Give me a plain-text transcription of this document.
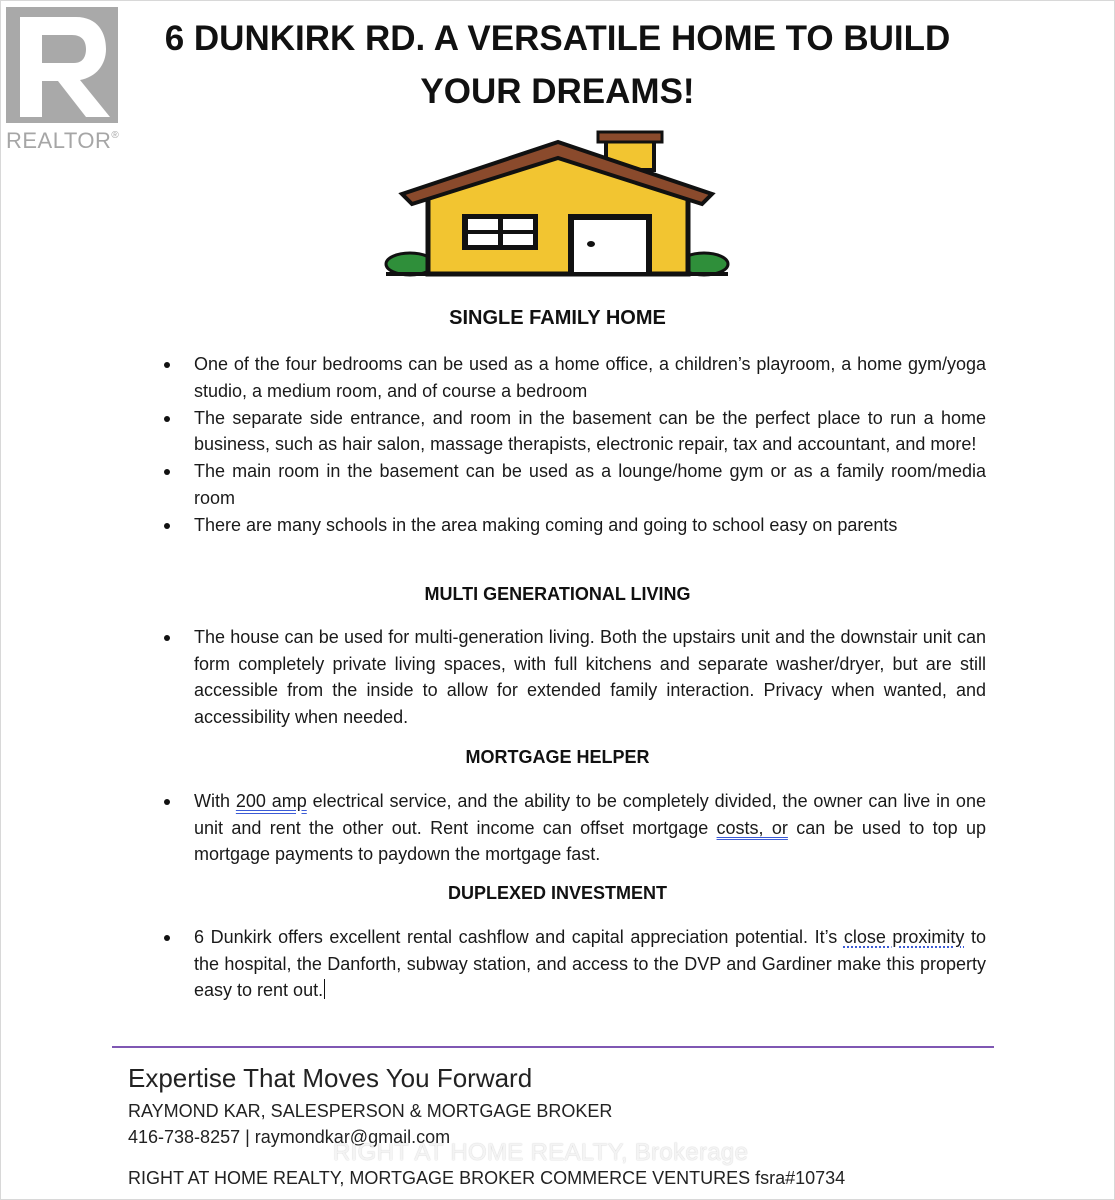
REALTOR®
6 DUNKIRK RD. A VERSATILE HOME TO BUILD YOUR DREAMS!
SINGLE FAMILY HOME
One of the four bedrooms can be used as a home office, a children’s playroom, a home gym/yoga studio, a medium room, and of course a bedroom
The separate side entrance, and room in the basement can be the perfect place to run a home business, such as hair salon, massage therapists, electronic repair, tax and accountant, and more!
The main room in the basement can be used as a lounge/home gym or as a family room/media room
There are many schools in the area making coming and going to school easy on parents
MULTI GENERATIONAL LIVING
The house can be used for multi-generation living. Both the upstairs unit and the downstair unit can form completely private living spaces, with full kitchens and separate washer/dryer, but are still accessible from the inside to allow for extended family interaction. Privacy when wanted, and accessibility when needed.
MORTGAGE HELPER
With 200 amp electrical service, and the ability to be completely divided, the owner can live in one unit and rent the other out. Rent income can offset mortgage costs, or can be used to top up mortgage payments to paydown the mortgage fast.
DUPLEXED INVESTMENT
6 Dunkirk offers excellent rental cashflow and capital appreciation potential. It’s close proximity to the hospital, the Danforth, subway station, and access to the DVP and Gardiner make this property easy to rent out.
Expertise That Moves You Forward
RAYMOND KAR, SALESPERSON & MORTGAGE BROKER
416-738-8257 | raymondkar@gmail.com
RIGHT AT HOME REALTY, MORTGAGE BROKER COMMERCE VENTURES fsra#10734
RIGHT AT HOME REALTY, Brokerage
